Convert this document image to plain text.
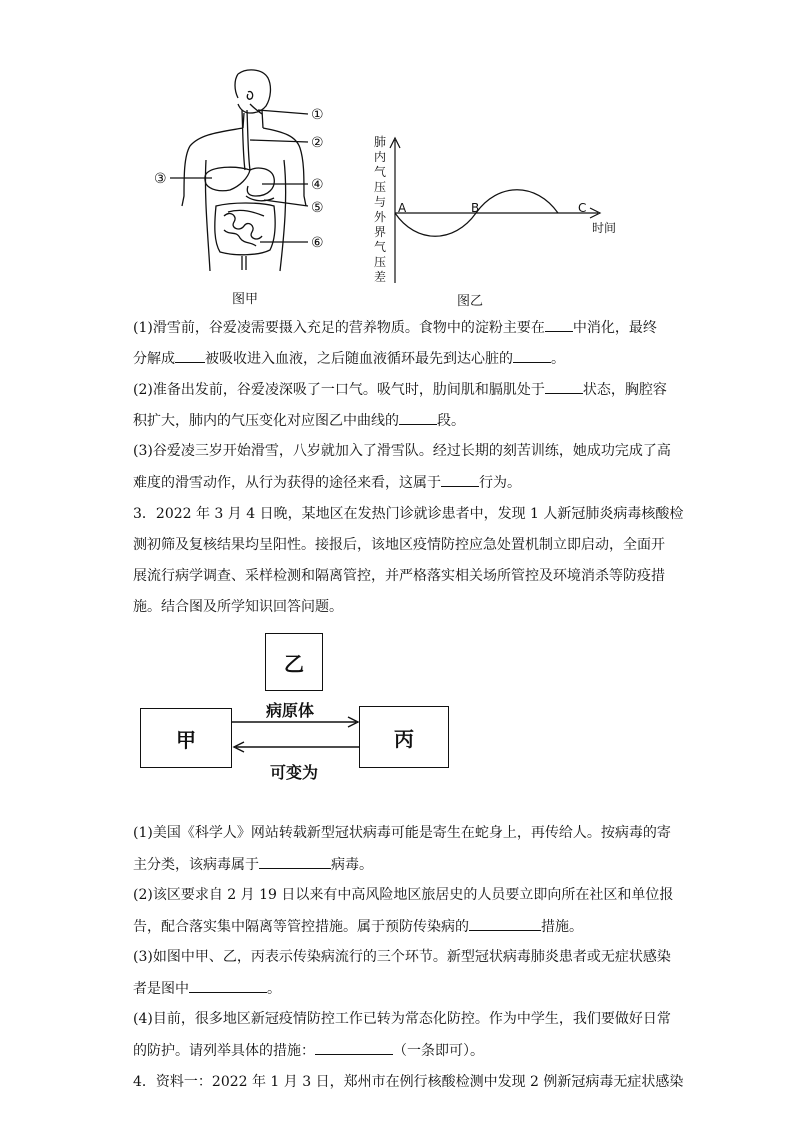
①
②
③	④
⑤
⑥
图甲
肺
内
气
压
与
外
界
气
压
差
A	B	C
时间
图乙
(1)滑雪前，谷爱凌需要摄入充足的营养物质。食物中的淀粉主要在 中消化，最终
分解成 被吸收进入血液，之后随血液循环最先到达心脏的	。
(2)准备出发前，谷爱凌深吸了一口气。吸气时，肋间肌和膈肌处于	状态，胸腔容
积扩大，肺内的气压变化对应图乙中曲线的	段。
(3)谷爱凌三岁开始滑雪，八岁就加入了滑雪队。经过长期的刻苦训练，她成功完成了高
难度的滑雪动作，从行为获得的途径来看，这属于	行为。
3．2022 年 3 月 4 日晚，某地区在发热门诊就诊患者中，发现 1 人新冠肺炎病毒核酸检
测初筛及复核结果均呈阳性。接报后，该地区疫情防控应急处置机制立即启动，全面开
展流行病学调查、采样检测和隔离管控，并严格落实相关场所管控及环境消杀等防疫措
施。结合图及所学知识回答问题。
乙
甲	丙
病原体
可变为
(1)美国《科学人》网站转载新型冠状病毒可能是寄生在蛇身上，再传给人。按病毒的寄
主分类，该病毒属于	病毒。
(2)该区要求自 2 月 19 日以来有中高风险地区旅居史的人员要立即向所在社区和单位报
告，配合落实集中隔离等管控措施。属于预防传染病的	措施。
(3)如图中甲、乙，丙表示传染病流行的三个环节。新型冠状病毒肺炎患者或无症状感染
者是图中	。
(4)目前，很多地区新冠疫情防控工作已转为常态化防控。作为中学生，我们要做好日常
的防护。请列举具体的措施：	（一条即可）。
4．资料一：2022 年 1 月 3 日，郑州市在例行核酸检测中发现 2 例新冠病毒无症状感染
